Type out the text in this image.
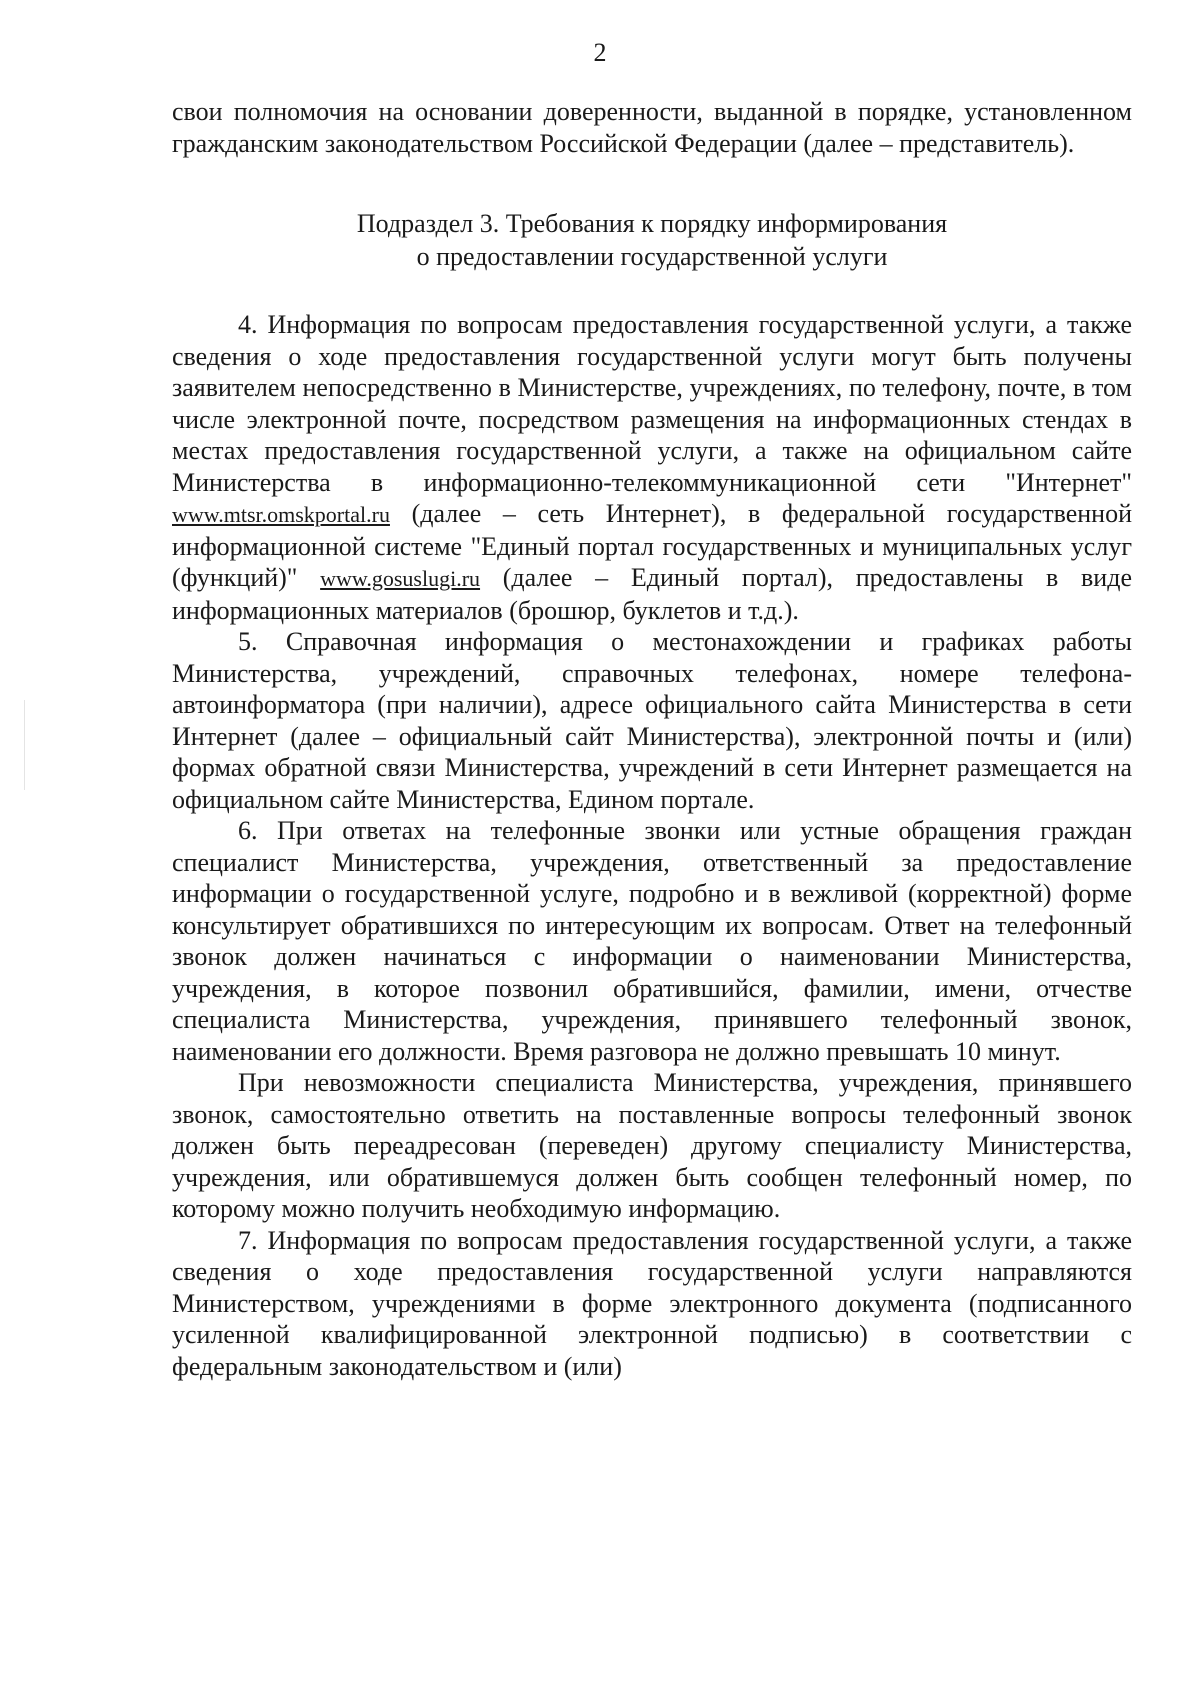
2

свои полномочия на основании доверенности, выданной в порядке, установленном гражданским законодательством Российской Федерации (далее – представитель).

Подраздел 3. Требования к порядку информирования
о предоставлении государственной услуги

4. Информация по вопросам предоставления государственной услуги, а также сведения о ходе предоставления государственной услуги могут быть получены заявителем непосредственно в Министерстве, учреждениях, по телефону, почте, в том числе электронной почте, посредством размещения на информационных стендах в местах предоставления государственной услуги, а также на официальном сайте Министерства в информационно-телекоммуникационной сети "Интернет" www.mtsr.omskportal.ru (далее – сеть Интернет), в федеральной государственной информационной системе "Единый портал государственных и муниципальных услуг (функций)" www.gosuslugi.ru (далее – Единый портал), предоставлены в виде информационных материалов (брошюр, буклетов и т.д.).

5. Справочная информация о местонахождении и графиках работы Министерства, учреждений, справочных телефонах, номере телефона-автоинформатора (при наличии), адресе официального сайта Министерства в сети Интернет (далее – официальный сайт Министерства), электронной почты и (или) формах обратной связи Министерства, учреждений в сети Интернет размещается на официальном сайте Министерства, Едином портале.

6. При ответах на телефонные звонки или устные обращения граждан специалист Министерства, учреждения, ответственный за предоставление информации о государственной услуге, подробно и в вежливой (корректной) форме консультирует обратившихся по интересующим их вопросам. Ответ на телефонный звонок должен начинаться с информации о наименовании Министерства, учреждения, в которое позвонил обратившийся, фамилии, имени, отчестве специалиста Министерства, учреждения, принявшего телефонный звонок, наименовании его должности. Время разговора не должно превышать 10 минут.

При невозможности специалиста Министерства, учреждения, принявшего звонок, самостоятельно ответить на поставленные вопросы телефонный звонок должен быть переадресован (переведен) другому специалисту Министерства, учреждения, или обратившемуся должен быть сообщен телефонный номер, по которому можно получить необходимую информацию.

7. Информация по вопросам предоставления государственной услуги, а также сведения о ходе предоставления государственной услуги направляются Министерством, учреждениями в форме электронного документа (подписанного усиленной квалифицированной электронной подписью) в соответствии с федеральным законодательством и (или)
